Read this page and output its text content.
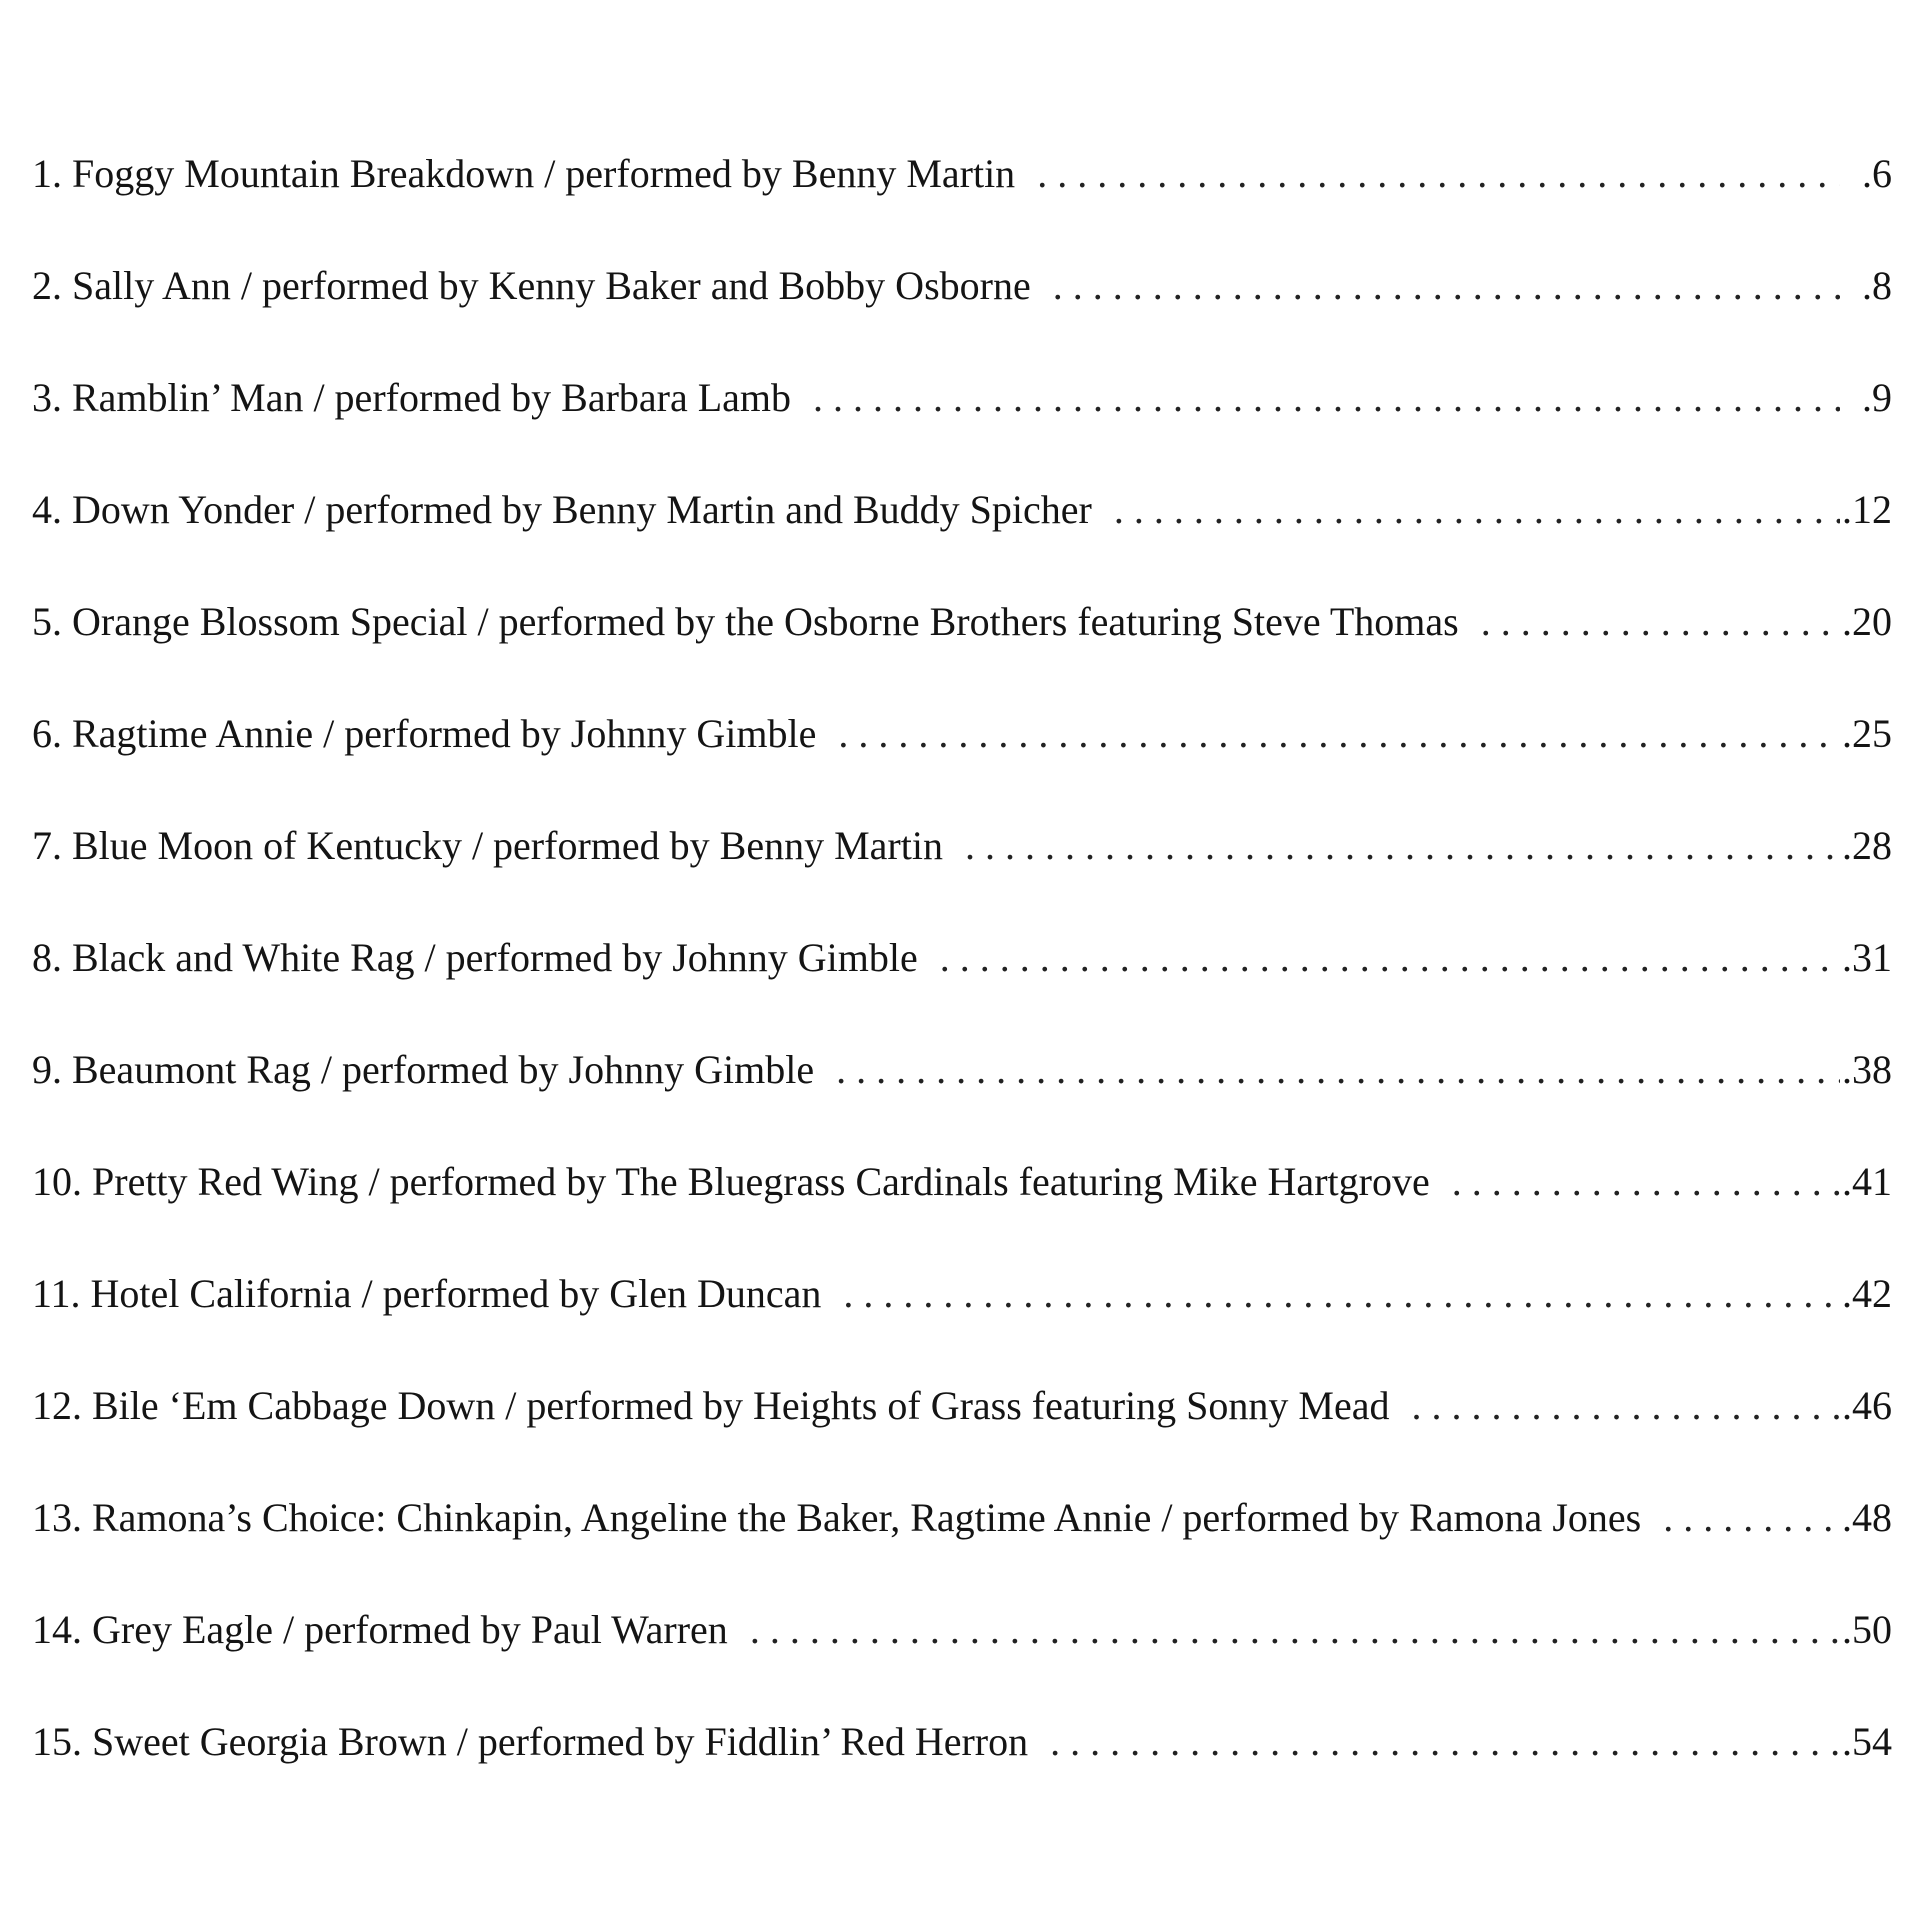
1. Foggy Mountain Breakdown / performed by Benny Martin . . .	.6
2. Sally Ann / performed by Kenny Baker and Bobby Osborne . . .	.8
3. Ramblin’ Man / performed by Barbara Lamb . . .	.9
4. Down Yonder / performed by Benny Martin and Buddy Spicher . . .	.12
5. Orange Blossom Special / performed by the Osborne Brothers featuring Steve Thomas . . .	.20
6. Ragtime Annie / performed by Johnny Gimble . . .	.25
7. Blue Moon of Kentucky / performed by Benny Martin . . .	.28
8. Black and White Rag / performed by Johnny Gimble . . .	.31
9. Beaumont Rag / performed by Johnny Gimble . . .	.38
10. Pretty Red Wing / performed by The Bluegrass Cardinals featuring Mike Hartgrove . . .	.41
11. Hotel California / performed by Glen Duncan . . .	.42
12. Bile ‘Em Cabbage Down / performed by Heights of Grass featuring Sonny Mead . . .	.46
13. Ramona’s Choice: Chinkapin, Angeline the Baker, Ragtime Annie / performed by Ramona Jones . . .	.48
14. Grey Eagle / performed by Paul Warren . . .	.50
15. Sweet Georgia Brown / performed by Fiddlin’ Red Herron . . .	.54
